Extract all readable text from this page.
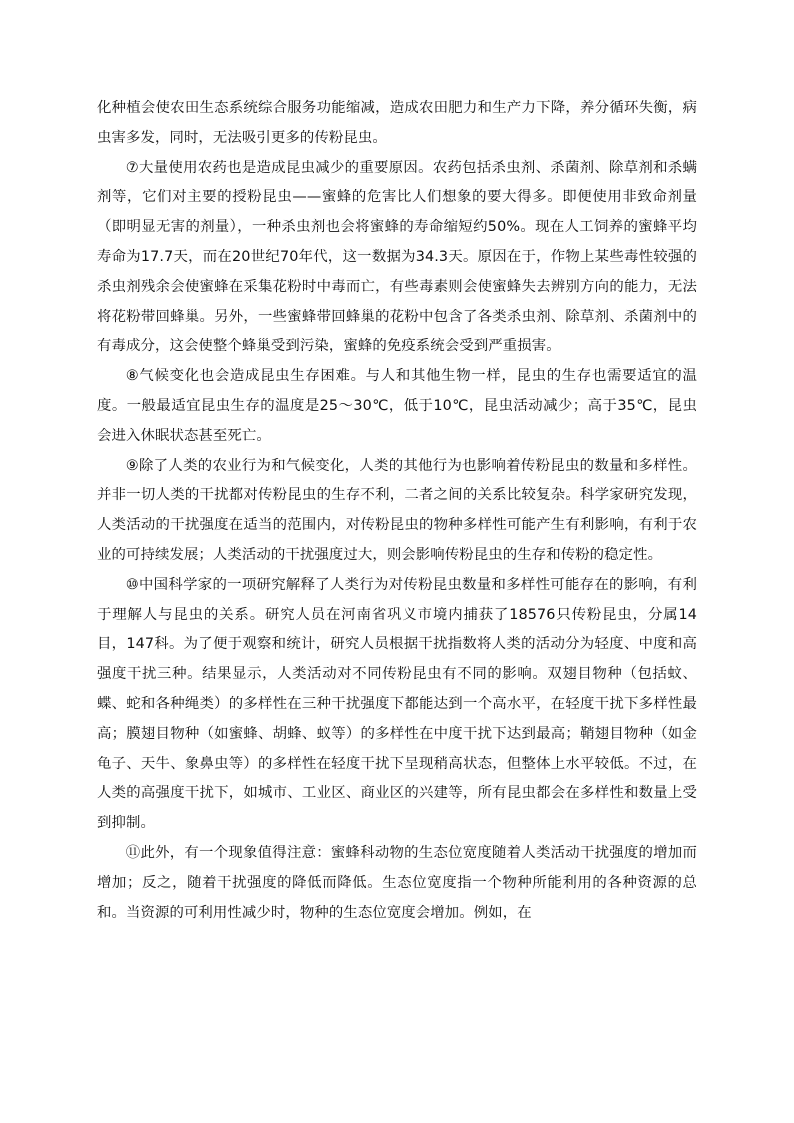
化种植会使农田生态系统综合服务功能缩减，造成农田肥力和生产力下降，养分循环失衡，病虫害多发，同时，无法吸引更多的传粉昆虫。

⑦大量使用农药也是造成昆虫减少的重要原因。农药包括杀虫剂、杀菌剂、除草剂和杀螨剂等，它们对主要的授粉昆虫——蜜蜂的危害比人们想象的要大得多。即便使用非致命剂量（即明显无害的剂量），一种杀虫剂也会将蜜蜂的寿命缩短约50%。现在人工饲养的蜜蜂平均寿命为17.7天，而在20世纪70年代，这一数据为34.3天。原因在于，作物上某些毒性较强的杀虫剂残余会使蜜蜂在采集花粉时中毒而亡，有些毒素则会使蜜蜂失去辨别方向的能力，无法将花粉带回蜂巢。另外，一些蜜蜂带回蜂巢的花粉中包含了各类杀虫剂、除草剂、杀菌剂中的有毒成分，这会使整个蜂巢受到污染，蜜蜂的免疫系统会受到严重损害。

⑧气候变化也会造成昆虫生存困难。与人和其他生物一样，昆虫的生存也需要适宜的温度。一般最适宜昆虫生存的温度是25～30℃，低于10℃，昆虫活动减少；高于35℃，昆虫会进入休眠状态甚至死亡。

⑨除了人类的农业行为和气候变化，人类的其他行为也影响着传粉昆虫的数量和多样性。并非一切人类的干扰都对传粉昆虫的生存不利，二者之间的关系比较复杂。科学家研究发现，人类活动的干扰强度在适当的范围内，对传粉昆虫的物种多样性可能产生有利影响，有利于农业的可持续发展；人类活动的干扰强度过大，则会影响传粉昆虫的生存和传粉的稳定性。

⑩中国科学家的一项研究解释了人类行为对传粉昆虫数量和多样性可能存在的影响，有利于理解人与昆虫的关系。研究人员在河南省巩义市境内捕获了18576只传粉昆虫，分属14目，147科。为了便于观察和统计，研究人员根据干扰指数将人类的活动分为轻度、中度和高强度干扰三种。结果显示，人类活动对不同传粉昆虫有不同的影响。双翅目物种（包括蚊、蝶、蛇和各种绳类）的多样性在三种干扰强度下都能达到一个高水平，在轻度干扰下多样性最高；膜翅目物种（如蜜蜂、胡蜂、蚁等）的多样性在中度干扰下达到最高；鞘翅目物种（如金龟子、天牛、象鼻虫等）的多样性在轻度干扰下呈现稍高状态，但整体上水平较低。不过，在人类的高强度干扰下，如城市、工业区、商业区的兴建等，所有昆虫都会在多样性和数量上受到抑制。

⑪此外，有一个现象值得注意：蜜蜂科动物的生态位宽度随着人类活动干扰强度的增加而增加；反之，随着干扰强度的降低而降低。生态位宽度指一个物种所能利用的各种资源的总和。当资源的可利用性减少时，物种的生态位宽度会增加。例如，在
